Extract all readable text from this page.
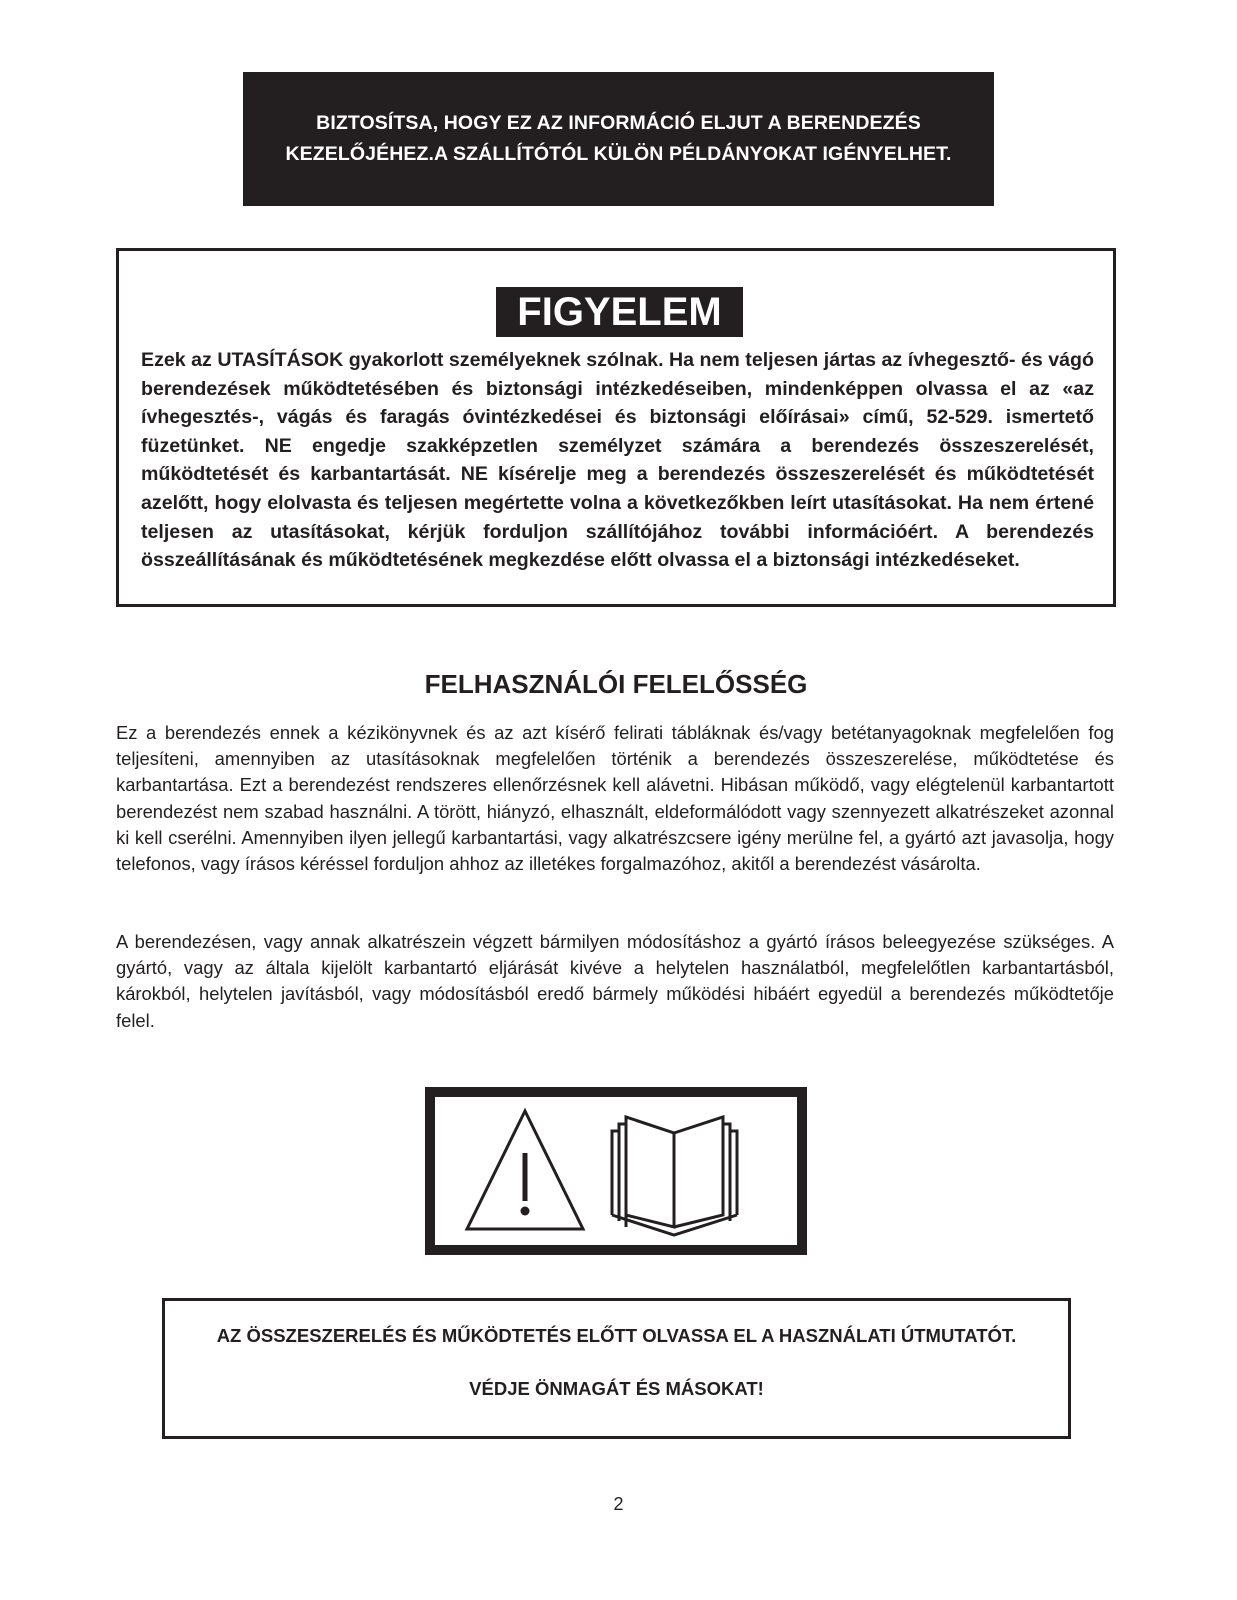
BIZTOSÍTSA, HOGY EZ AZ INFORMÁCIÓ ELJUT A BERENDEZÉS
KEZELŐJÉHEZ.A SZÁLLÍTÓTÓL KÜLÖN PÉLDÁNYOKAT IGÉNYELHET.
FIGYELEM
Ezek az UTASÍTÁSOK gyakorlott személyeknek szólnak. Ha nem teljesen jártas az ívhegesztő- és vágó berendezések működtetésében és biztonsági intézkedéseiben, mindenképpen olvassa el az «az ívhegesztés-, vágás és faragás óvintézkedései és biztonsági előírásai» című, 52-529. ismertető füzetünket. NE engedje szakképzetlen személyzet számára a berendezés összeszerelését, működtetését és karbantartását. NE kísérelje meg a berendezés összeszerelését és működtetését azelőtt, hogy elolvasta és teljesen megértette volna a következőkben leírt utasításokat. Ha nem értené teljesen az utasításokat, kérjük forduljon szállítójához további információért. A berendezés összeállításának és működtetésének megkezdése előtt olvassa el a biztonsági intézkedéseket.
FELHASZNÁLÓI FELELŐSSÉG
Ez a berendezés ennek a kézikönyvnek és az azt kísérő felirati tábláknak és/vagy betétanyagoknak megfelelően fog teljesíteni, amennyiben az utasításoknak megfelelően történik a berendezés összeszerelése, működtetése és karbantartása. Ezt a berendezést rendszeres ellenőrzésnek kell alávetni. Hibásan működő, vagy elégtelenül karbantartott berendezést nem szabad használni. A törött, hiányzó, elhasznált, eldeformálódott vagy szennyezett alkatrészeket azonnal ki kell cserélni. Amennyiben ilyen jellegű karbantartási, vagy alkatrészcsere igény merülne fel, a gyártó azt javasolja, hogy telefonos, vagy írásos kéréssel forduljon ahhoz az illetékes forgalmazóhoz, akitől a berendezést vásárolta.
A berendezésen, vagy annak alkatrészein végzett bármilyen módosításhoz a gyártó írásos beleegyezése szükséges. A gyártó, vagy az általa kijelölt karbantartó eljárását kivéve a helytelen használatból, megfelelőtlen karbantartásból, károkból, helytelen javításból, vagy módosításból eredő bármely működési hibáért egyedül a berendezés működtetője felel.
AZ ÖSSZESZERELÉS ÉS MŰKÖDTETÉS ELŐTT OLVASSA EL A HASZNÁLATI ÚTMUTATÓT.
VÉDJE ÖNMAGÁT ÉS MÁSOKAT!
2
